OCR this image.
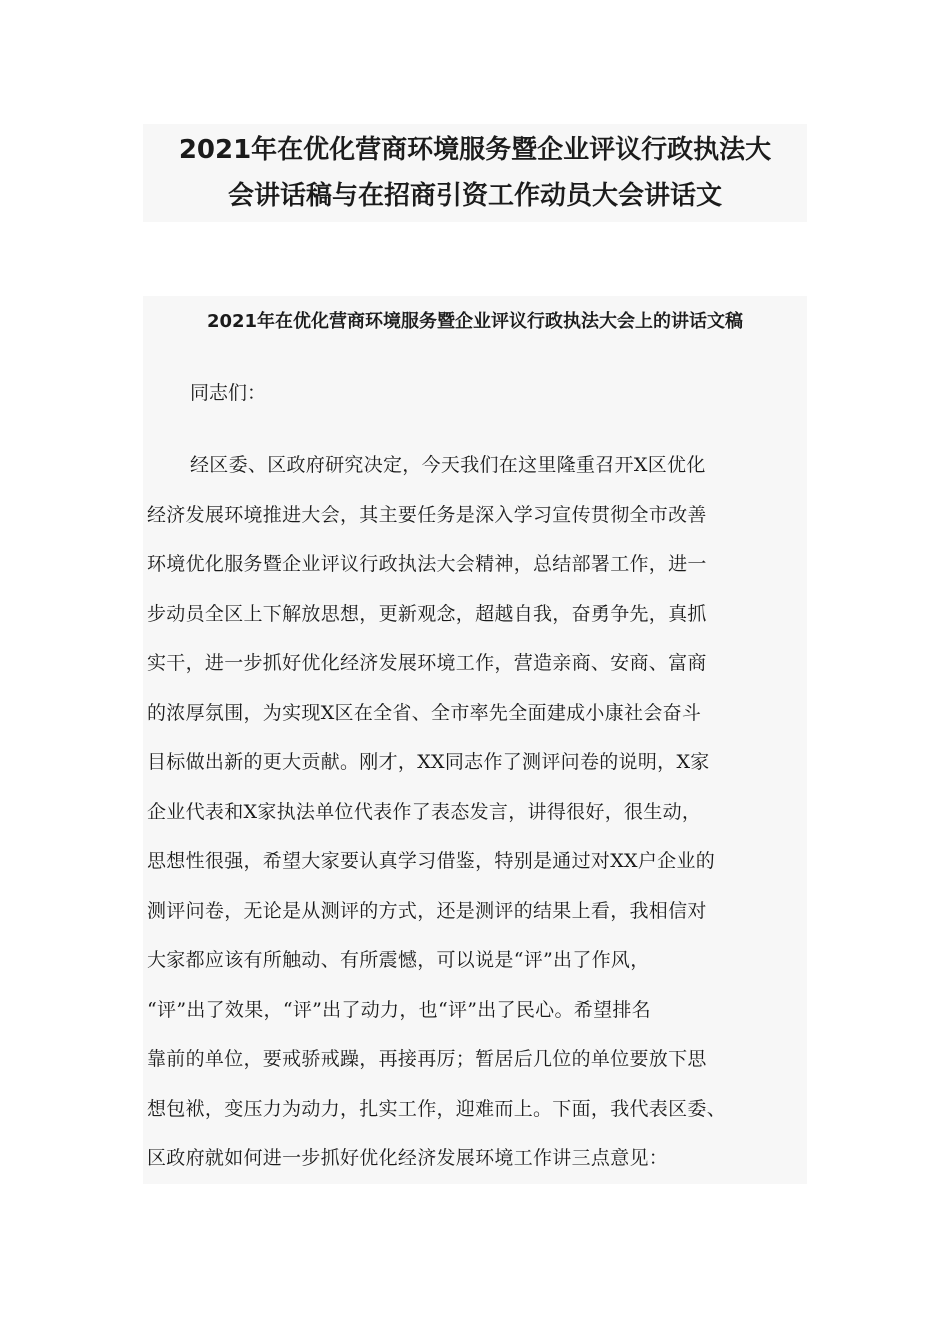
2021年在优化营商环境服务暨企业评议行政执法大
会讲话稿与在招商引资工作动员大会讲话文
2021年在优化营商环境服务暨企业评议行政执法大会上的讲话文稿
同志们：
经区委、区政府研究决定，今天我们在这里隆重召开X区优化
经济发展环境推进大会，其主要任务是深入学习宣传贯彻全市改善
环境优化服务暨企业评议行政执法大会精神，总结部署工作，进一
步动员全区上下解放思想，更新观念，超越自我，奋勇争先，真抓
实干，进一步抓好优化经济发展环境工作，营造亲商、安商、富商
的浓厚氛围，为实现X区在全省、全市率先全面建成小康社会奋斗
目标做出新的更大贡献。刚才，XX同志作了测评问卷的说明，X家
企业代表和X家执法单位代表作了表态发言，讲得很好，很生动，
思想性很强，希望大家要认真学习借鉴，特别是通过对XX户企业的
测评问卷，无论是从测评的方式，还是测评的结果上看，我相信对
大家都应该有所触动、有所震憾，可以说是“评”出了作风，
“评”出了效果，“评”出了动力，也“评”出了民心。希望排名
靠前的单位，要戒骄戒躁，再接再厉；暂居后几位的单位要放下思
想包袱，变压力为动力，扎实工作，迎难而上。下面，我代表区委、
区政府就如何进一步抓好优化经济发展环境工作讲三点意见：
